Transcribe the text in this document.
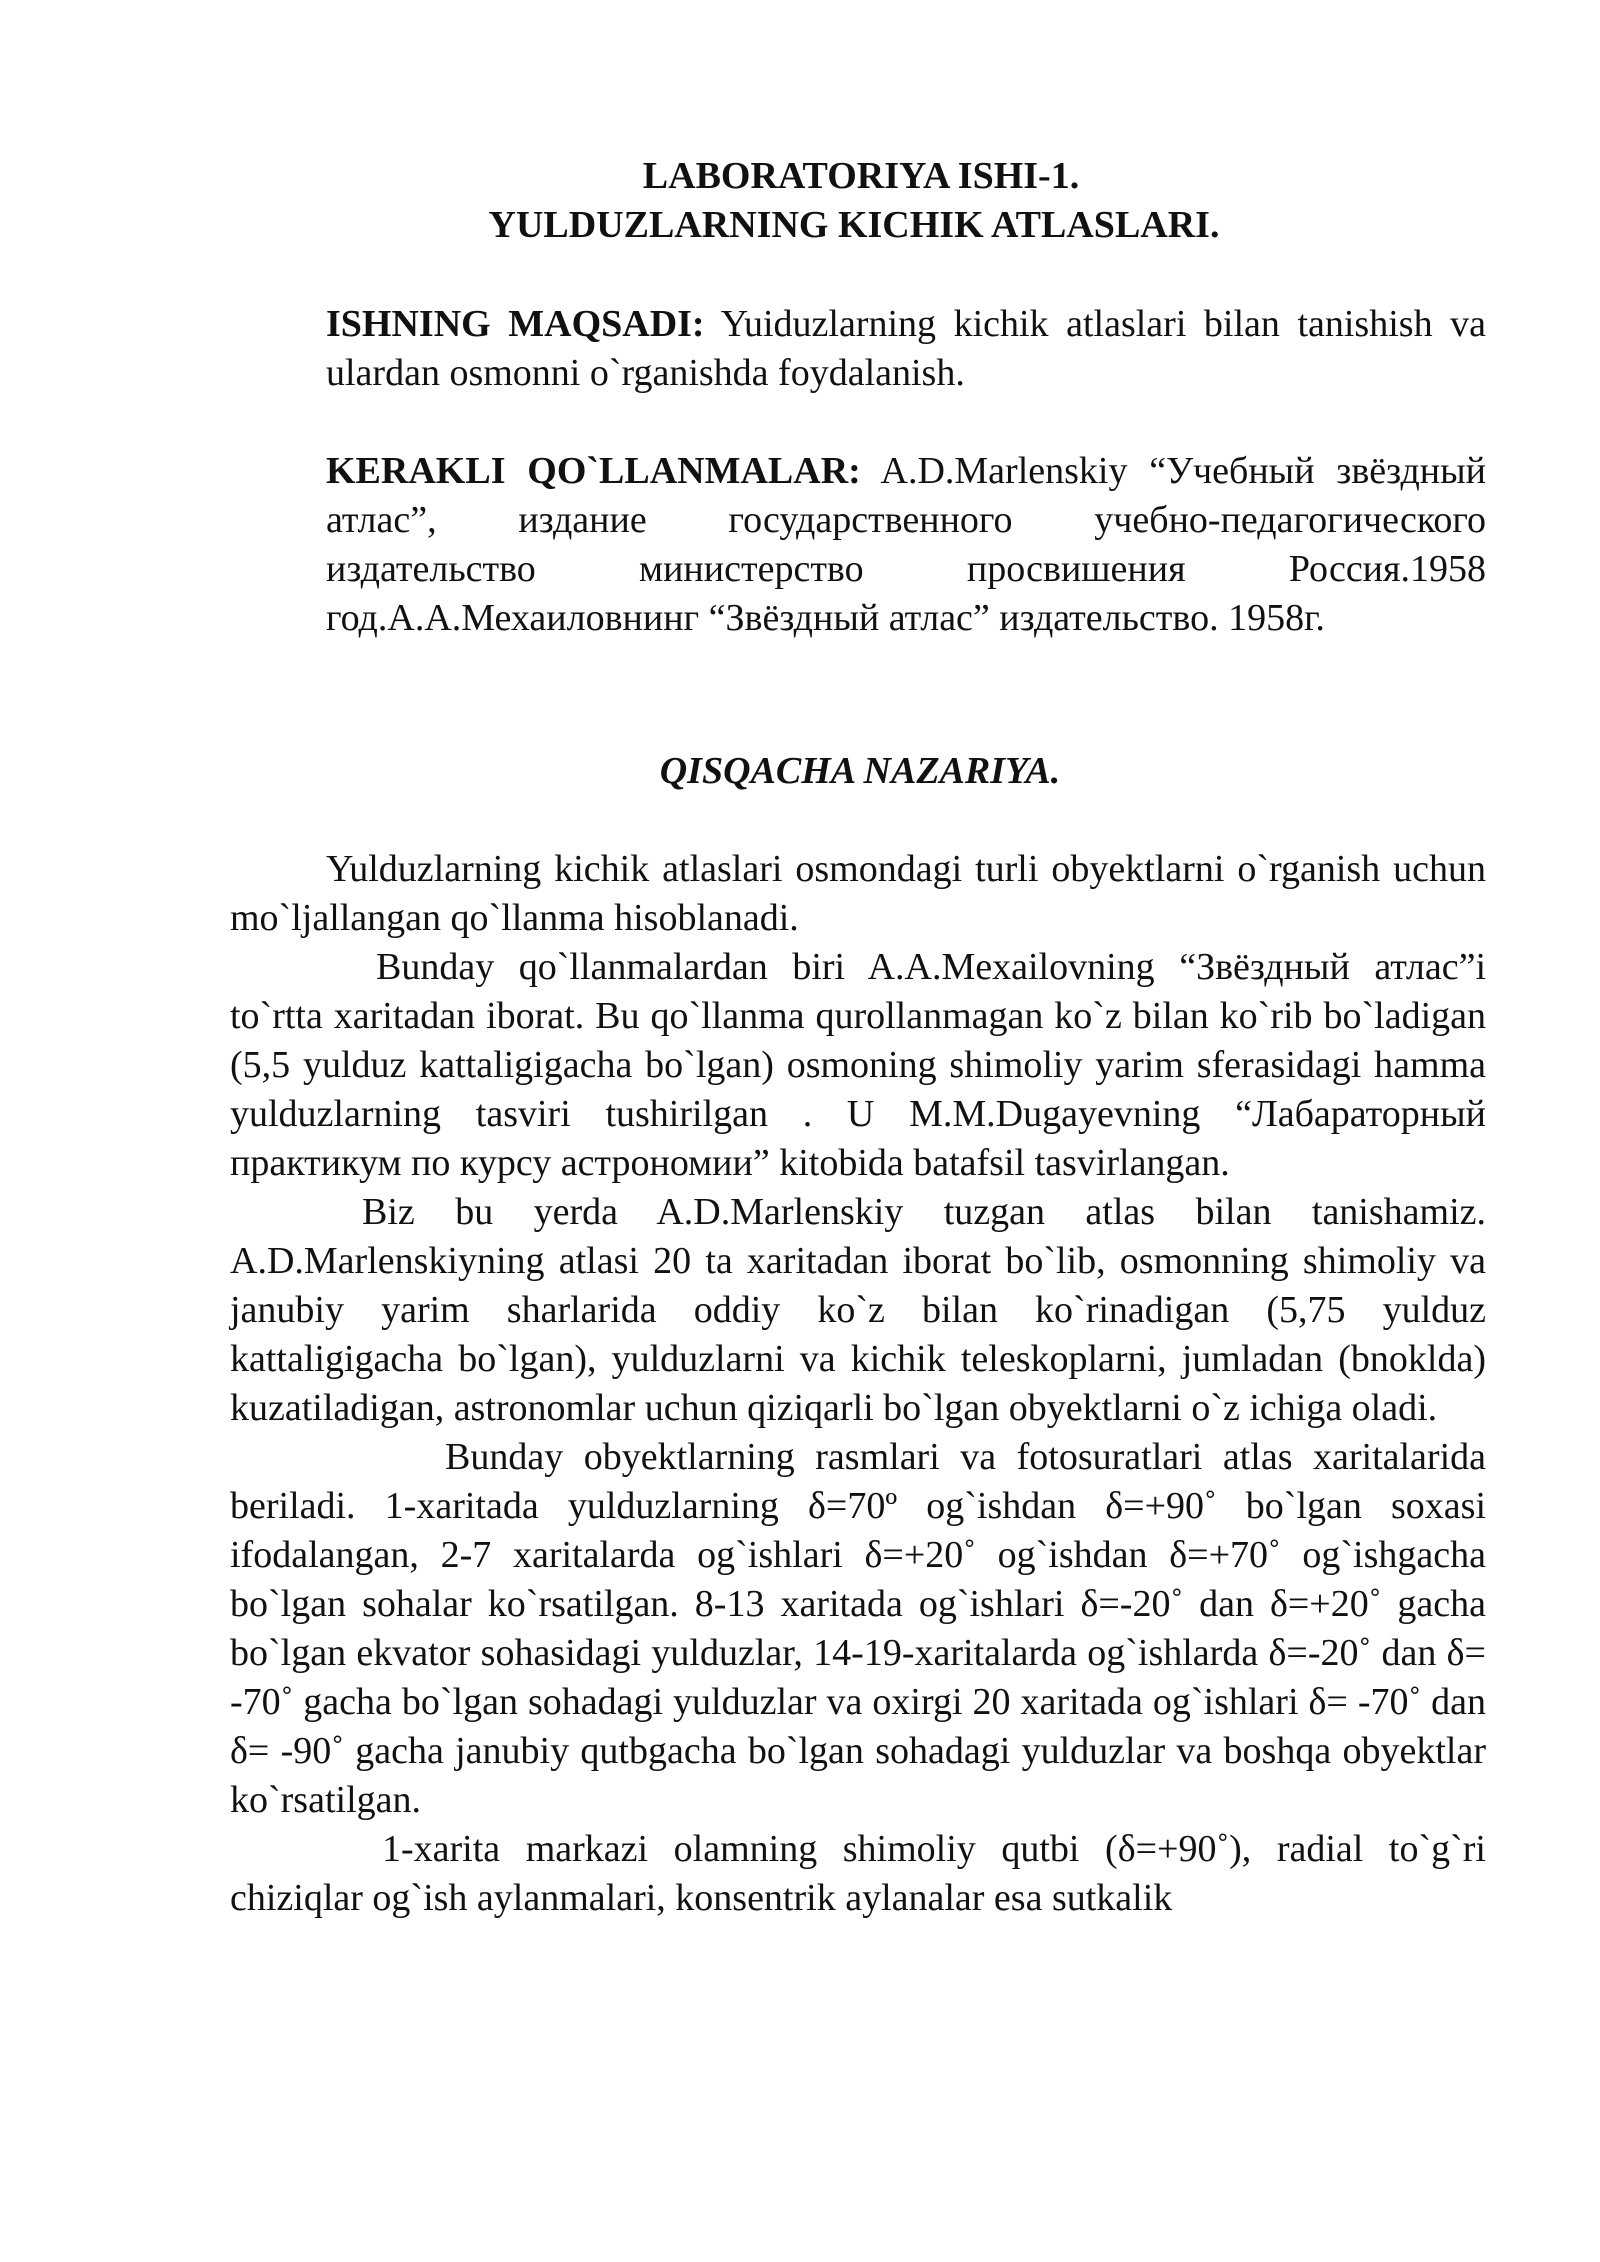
LABORATORIYA ISHI-1.

YULDUZLARNING KICHIK ATLASLARI.

ISHNING MAQSADI: Yuiduzlarning kichik atlaslari bilan tanishish va ulardan osmonni o`rganishda foydalanish.

KERAKLI QO`LLANMALAR: A.D.Marlenskiy “Учебный звёздный атлас”, издание государственного учебно-педагогического издательство министерство просвишения Россия.1958 год.А.А.Мехаиловнинг “Звёздный атлас” издательство. 1958г.

QISQACHA NAZARIYA.

Yulduzlarning kichik atlaslari osmondagi turli obyektlarni o`rganish uchun mo`ljallangan qo`llanma hisoblanadi.

Bunday qo`llanmalardan biri A.A.Mexailovning “Звёздный атлас”i to`rtta xaritadan iborat. Bu qo`llanma qurollanmagan ko`z bilan ko`rib bo`ladigan (5,5 yulduz kattaligigacha bo`lgan) osmoning shimoliy yarim sferasidagi hamma yulduzlarning tasviri tushirilgan . U M.M.Dugayevning “Лабараторный практикум по курсу астрономии” kitobida batafsil tasvirlangan.

Biz bu yerda A.D.Marlenskiy tuzgan atlas bilan tanishamiz. A.D.Marlenskiyning atlasi 20 ta xaritadan iborat bo`lib, osmonning shimoliy va janubiy yarim sharlarida oddiy ko`z bilan ko`rinadigan (5,75 yulduz kattaligigacha bo`lgan), yulduzlarni va kichik teleskoplarni, jumladan (bnoklda) kuzatiladigan, astronomlar uchun qiziqarli bo`lgan obyektlarni o`z ichiga oladi.

Bunday obyektlarning rasmlari va fotosuratlari atlas xaritalarida beriladi. 1-xaritada yulduzlarning δ=70º og`ishdan δ=+90˚ bo`lgan soxasi ifodalangan, 2-7 xaritalarda og`ishlari δ=+20˚ og`ishdan δ=+70˚ og`ishgacha bo`lgan sohalar ko`rsatilgan. 8-13 xaritada og`ishlari δ=-20˚ dan δ=+20˚ gacha bo`lgan ekvator sohasidagi yulduzlar, 14-19-xaritalarda og`ishlarda δ=-20˚ dan δ= -70˚ gacha bo`lgan sohadagi yulduzlar va oxirgi 20 xaritada og`ishlari δ= -70˚ dan δ= -90˚ gacha janubiy qutbgacha bo`lgan sohadagi yulduzlar va boshqa obyektlar ko`rsatilgan.

1-xarita markazi olamning shimoliy qutbi (δ=+90˚), radial to`g`ri chiziqlar og`ish aylanmalari, konsentrik aylanalar esa sutkalik
